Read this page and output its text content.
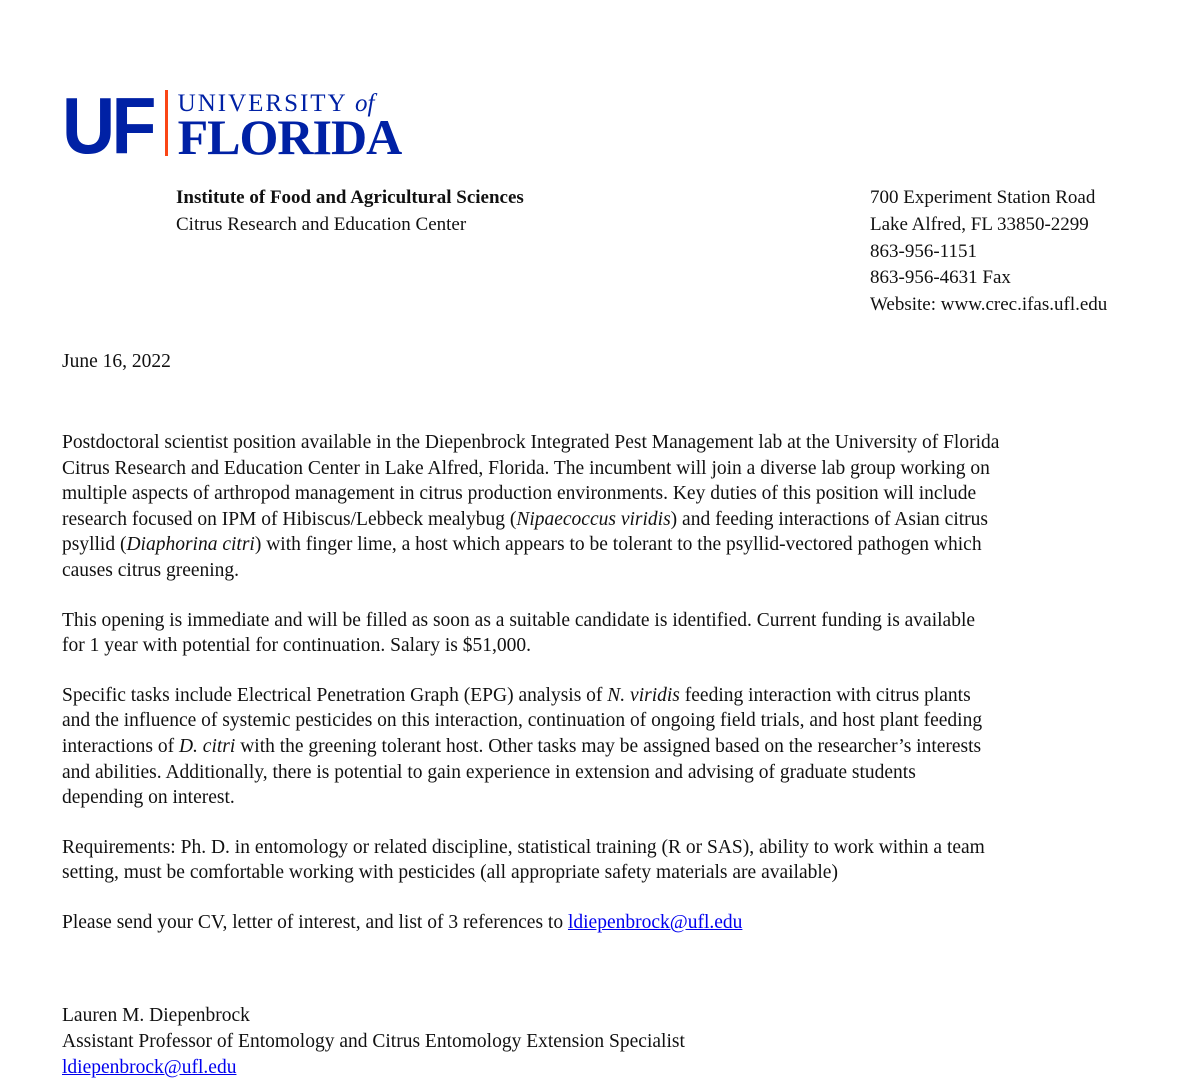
UF UNIVERSITY of
FLORIDA
Institute of Food and Agricultural Sciences
Citrus Research and Education Center
700 Experiment Station Road
Lake Alfred, FL 33850-2299
863-956-1151
863-956-4631 Fax
Website: www.crec.ifas.ufl.edu
June 16, 2022

Postdoctoral scientist position available in the Diepenbrock Integrated Pest Management lab at the University of Florida
Citrus Research and Education Center in Lake Alfred, Florida. The incumbent will join a diverse lab group working on
multiple aspects of arthropod management in citrus production environments. Key duties of this position will include
research focused on IPM of Hibiscus/Lebbeck mealybug (Nipaecoccus viridis) and feeding interactions of Asian citrus
psyllid (Diaphorina citri) with finger lime, a host which appears to be tolerant to the psyllid-vectored pathogen which
causes citrus greening.

This opening is immediate and will be filled as soon as a suitable candidate is identified. Current funding is available
for 1 year with potential for continuation. Salary is $51,000.

Specific tasks include Electrical Penetration Graph (EPG) analysis of N. viridis feeding interaction with citrus plants
and the influence of systemic pesticides on this interaction, continuation of ongoing field trials, and host plant feeding
interactions of D. citri with the greening tolerant host. Other tasks may be assigned based on the researcher’s interests
and abilities. Additionally, there is potential to gain experience in extension and advising of graduate students
depending on interest.

Requirements: Ph. D. in entomology or related discipline, statistical training (R or SAS), ability to work within a team
setting, must be comfortable working with pesticides (all appropriate safety materials are available)

Please send your CV, letter of interest, and list of 3 references to ldiepenbrock@ufl.edu

Lauren M. Diepenbrock
Assistant Professor of Entomology and Citrus Entomology Extension Specialist
ldiepenbrock@ufl.edu
